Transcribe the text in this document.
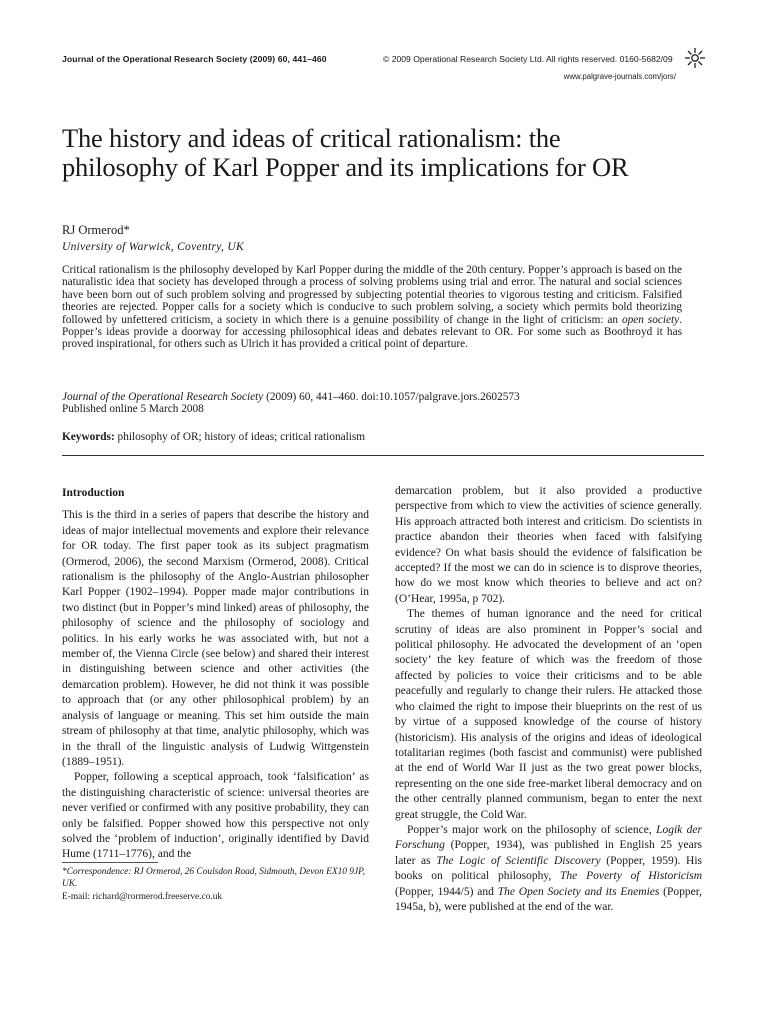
Journal of the Operational Research Society (2009) 60, 441–460	© 2009 Operational Research Society Ltd. All rights reserved. 0160-5682/09
www.palgrave-journals.com/jors/
The history and ideas of critical rationalism: the philosophy of Karl Popper and its implications for OR
RJ Ormerod*
University of Warwick, Coventry, UK
Critical rationalism is the philosophy developed by Karl Popper during the middle of the 20th century. Popper’s approach is based on the naturalistic idea that society has developed through a process of solving problems using trial and error. The natural and social sciences have been born out of such problem solving and progressed by subjecting potential theories to vigorous testing and criticism. Falsified theories are rejected. Popper calls for a society which is conducive to such problem solving, a society which permits bold theorizing followed by unfettered criticism, a society in which there is a genuine possibility of change in the light of criticism: an open society. Popper’s ideas provide a doorway for accessing philosophical ideas and debates relevant to OR. For some such as Boothroyd it has proved inspirational, for others such as Ulrich it has provided a critical point of departure.
Journal of the Operational Research Society (2009) 60, 441–460. doi:10.1057/palgrave.jors.2602573
Published online 5 March 2008
Keywords: philosophy of OR; history of ideas; critical rationalism
Introduction

This is the third in a series of papers that describe the history and ideas of major intellectual movements and explore their relevance for OR today. The first paper took as its subject pragmatism (Ormerod, 2006), the second Marxism (Ormerod, 2008). Critical rationalism is the philosophy of the Anglo-Austrian philosopher Karl Popper (1902–1994). Popper made major contributions in two distinct (but in Popper’s mind linked) areas of philosophy, the philosophy of science and the philosophy of sociology and politics. In his early works he was associated with, but not a member of, the Vienna Circle (see below) and shared their interest in distinguishing between science and other activities (the demarcation problem). However, he did not think it was possible to approach that (or any other philosophical problem) by an analysis of language or meaning. This set him outside the main stream of philosophy at that time, analytic philosophy, which was in the thrall of the linguistic analysis of Ludwig Wittgenstein (1889–1951).

Popper, following a sceptical approach, took ‘falsification’ as the distinguishing characteristic of science: universal theories are never verified or confirmed with any positive probability, they can only be falsified. Popper showed how this perspective not only solved the ‘problem of induction’, originally identified by David Hume (1711–1776), and the

demarcation problem, but it also provided a productive perspective from which to view the activities of science generally. His approach attracted both interest and criticism. Do scientists in practice abandon their theories when faced with falsifying evidence? On what basis should the evidence of falsification be accepted? If the most we can do in science is to disprove theories, how do we most know which theories to believe and act on? (O’Hear, 1995a, p 702).

The themes of human ignorance and the need for critical scrutiny of ideas are also prominent in Popper’s social and political philosophy. He advocated the development of an ‘open society’ the key feature of which was the freedom of those affected by policies to voice their criticisms and to be able peacefully and regularly to change their rulers. He attacked those who claimed the right to impose their blueprints on the rest of us by virtue of a supposed knowledge of the course of history (historicism). His analysis of the origins and ideas of ideological totalitarian regimes (both fascist and communist) were published at the end of World War II just as the two great power blocks, representing on the one side free-market liberal democracy and on the other centrally planned communism, began to enter the next great struggle, the Cold War.

Popper’s major work on the philosophy of science, Logik der Forschung (Popper, 1934), was published in English 25 years later as The Logic of Scientific Discovery (Popper, 1959). His books on political philosophy, The Poverty of Historicism (Popper, 1944/5) and The Open Society and its Enemies (Popper, 1945a, b), were published at the end of the war.

*Correspondence: RJ Ormerod, 26 Coulsdon Road, Sidmouth, Devon EX10 9JP, UK.
E-mail: richard@rormerod.freeserve.co.uk
